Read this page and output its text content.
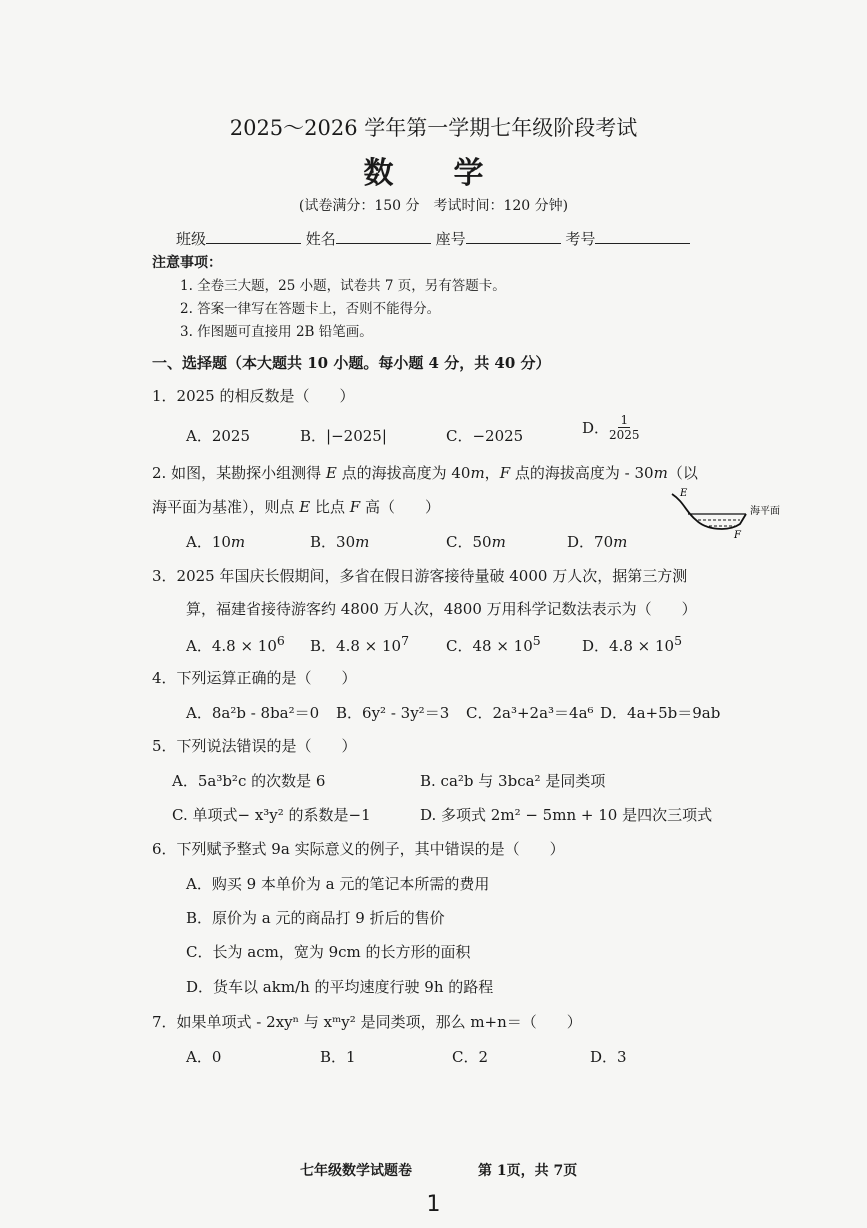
2025～2026 学年第一学期七年级阶段考试
数学
(试卷满分：150 分　考试时间：120 分钟)
班级	姓名	座号	考号
注意事项：
1. 全卷三大题，25 小题，试卷共 7 页，另有答题卡。
2. 答案一律写在答题卡上，否则不能得分。
3. 作图题可直接用 2B 铅笔画。
一、选择题（本大题共 10 小题。每小题 4 分，共 40 分）
1．2025 的相反数是（　　）
A．2025	B．|−2025|	C．−2025	D． $\frac{1}{2025}$
2. 如图，某勘探小组测得 E 点的海拔高度为 40m，F 点的海拔高度为 - 30m（以
海平面为基准），则点 E 比点 F 高（　　）
A．10m	B．30m	C．50m	D．70m
E
F
海平面
3．2025 年国庆长假期间，多省在假日游客接待量破 4000 万人次，据第三方测
算，福建省接待游客约 4800 万人次，4800 万用科学记数法表示为（　　）
A．$4.8 \times 10^6$ B．$4.8 \times 10^7$ C．$48 \times 10^5$	D．$4.8 \times 10^5$
4．下列运算正确的是（　　）
A．8a²b - 8ba²＝0 B．6y² - 3y²＝3 C．2a³+2a³＝4a⁶ D．4a+5b＝9ab
5．下列说法错误的是（　　）
A．5a³b²c 的次数是 6	B. ca²b 与 3bca² 是同类项
C. 单项式− x³y² 的系数是−1	D. 多项式 2m² − 5mn + 10 是四次三项式
6．下列赋予整式 9a 实际意义的例子，其中错误的是（　　）
A．购买 9 本单价为 a 元的笔记本所需的费用
B．原价为 a 元的商品打 9 折后的售价
C．长为 acm，宽为 9cm 的长方形的面积
D．货车以 akm/h 的平均速度行驶 9h 的路程
7．如果单项式 - 2xyⁿ 与 xᵐy² 是同类项，那么 m+n＝（　　）
A．0	B．1	C．2	D．3
七年级数学试题卷	第 1页，共 7页
1
